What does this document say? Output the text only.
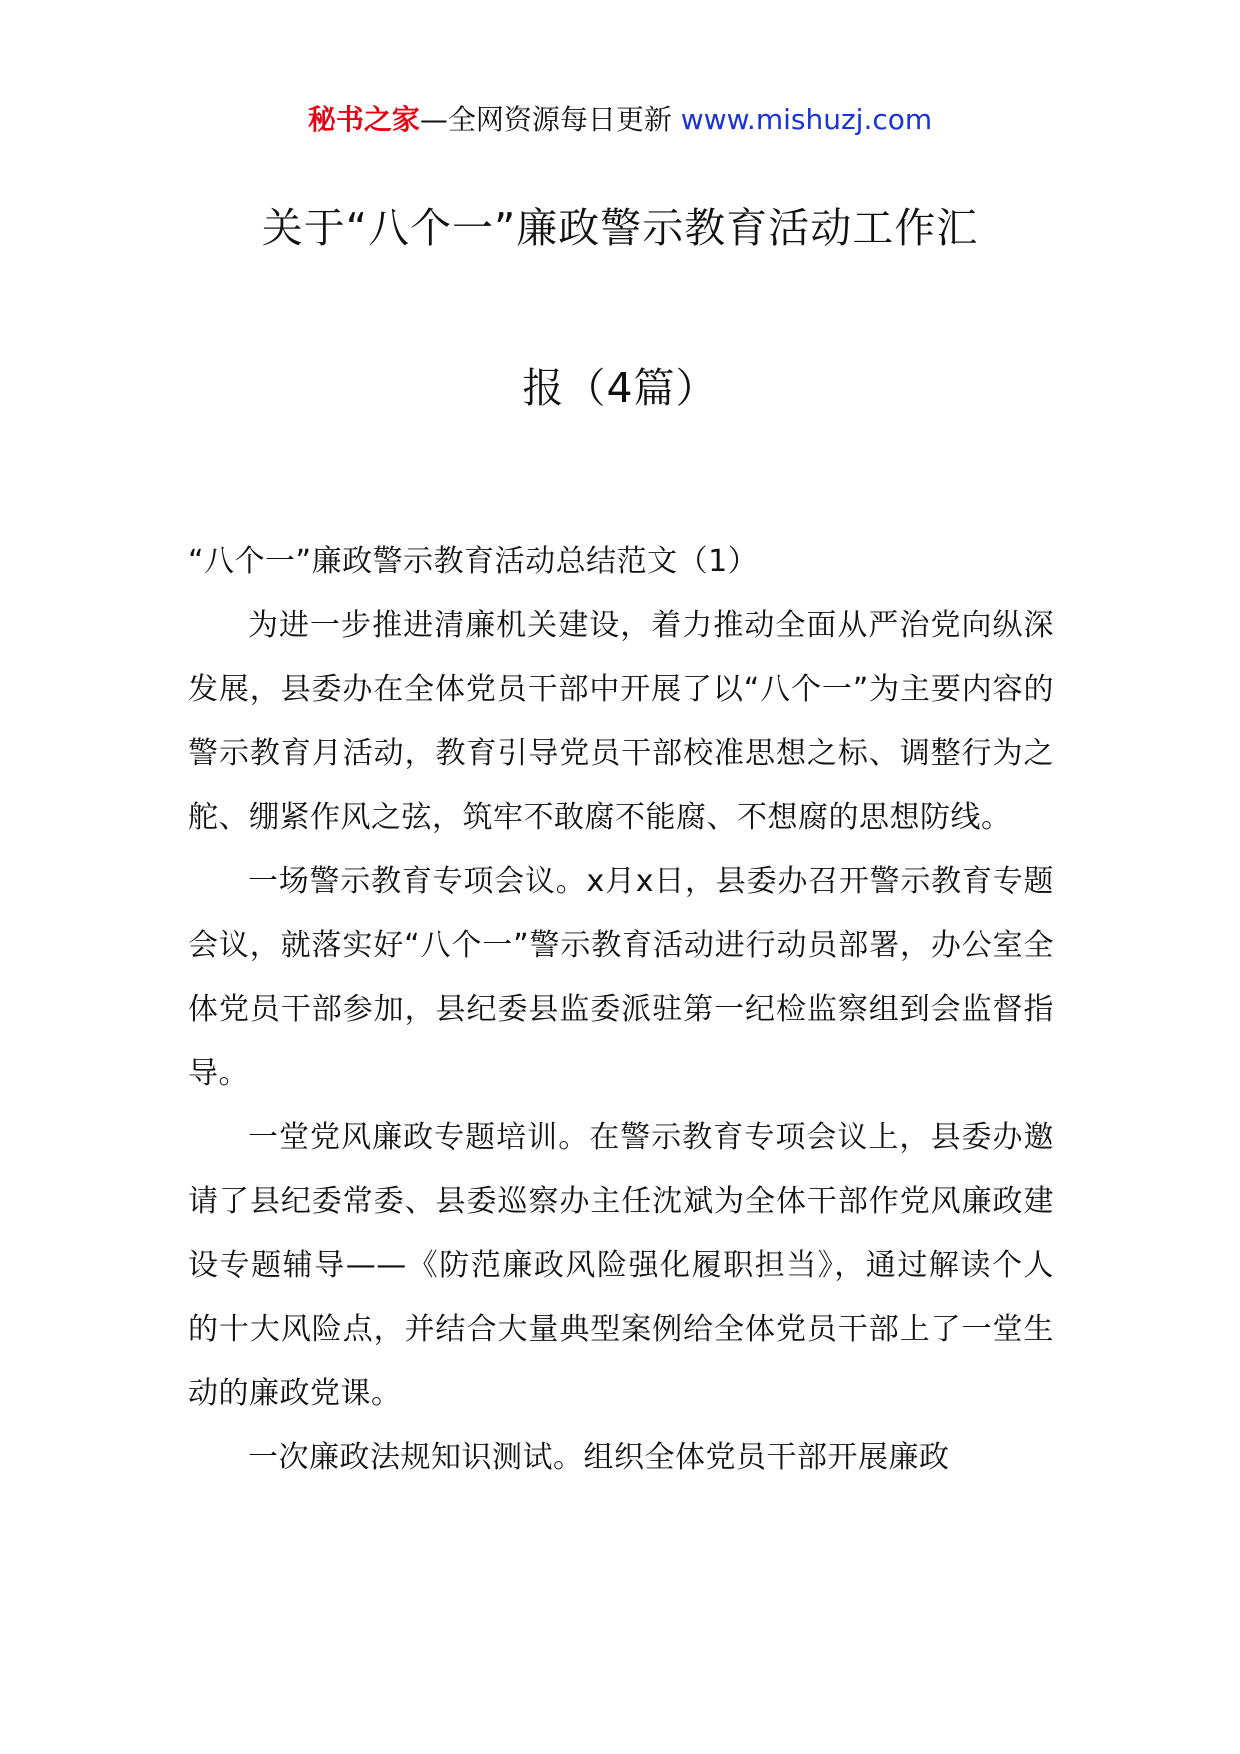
秘书之家—全网资源每日更新 www.mishuzj.com
关于“八个一”廉政警示教育活动工作汇
报（4篇）

“八个一”廉政警示教育活动总结范文（1）

为进一步推进清廉机关建设，着力推动全面从严治党向纵深发展，县委办在全体党员干部中开展了以“八个一”为主要内容的警示教育月活动，教育引导党员干部校准思想之标、调整行为之舵、绷紧作风之弦，筑牢不敢腐不能腐、不想腐的思想防线。

一场警示教育专项会议。x月x日，县委办召开警示教育专题会议，就落实好“八个一”警示教育活动进行动员部署，办公室全体党员干部参加，县纪委县监委派驻第一纪检监察组到会监督指导。

一堂党风廉政专题培训。在警示教育专项会议上，县委办邀请了县纪委常委、县委巡察办主任沈斌为全体干部作党风廉政建设专题辅导——《防范廉政风险强化履职担当》，通过解读个人的十大风险点，并结合大量典型案例给全体党员干部上了一堂生动的廉政党课。

一次廉政法规知识测试。组织全体党员干部开展廉政
